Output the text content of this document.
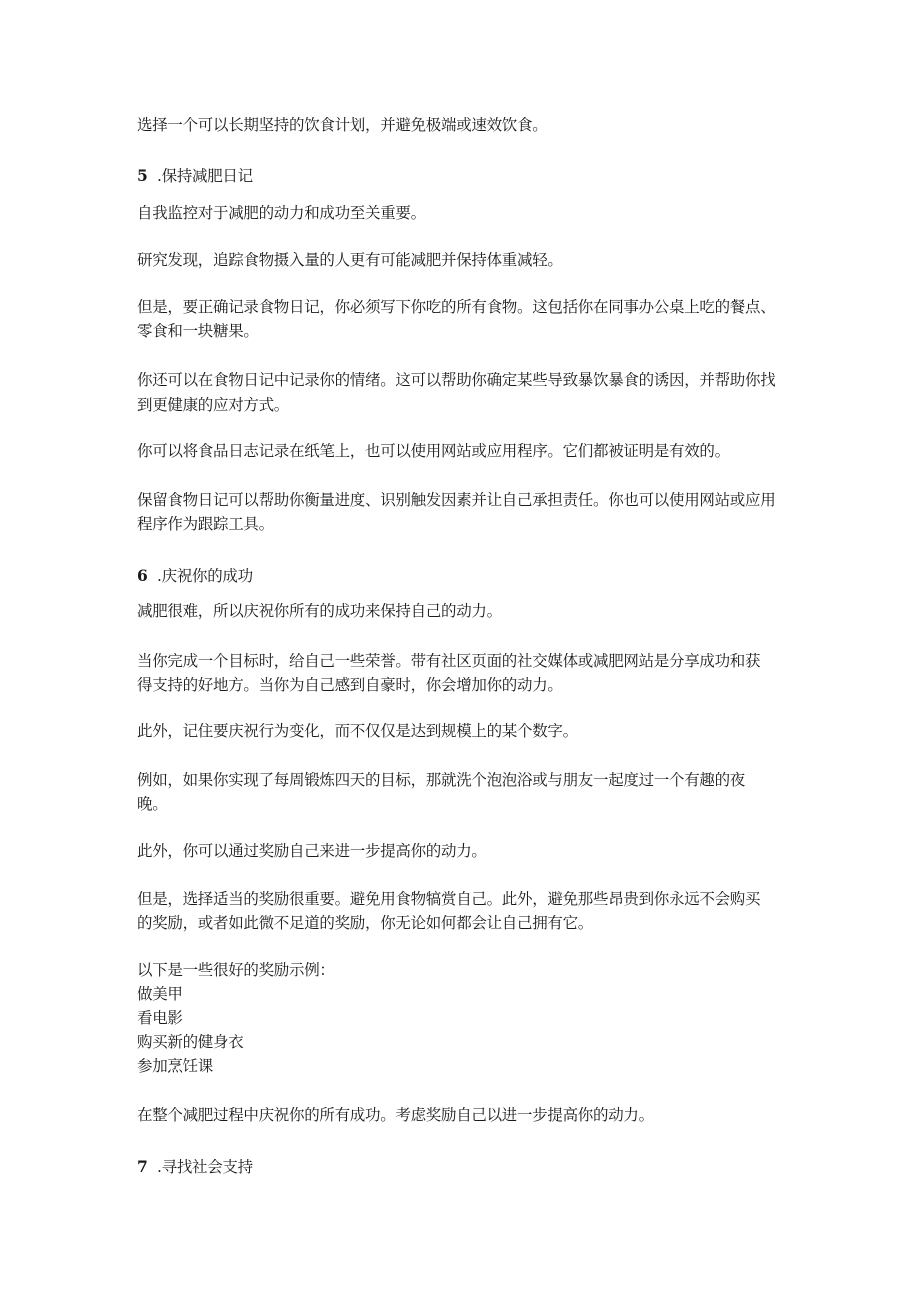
选择一个可以长期坚持的饮食计划，并避免极端或速效饮食。
5 .保持减肥日记
自我监控对于减肥的动力和成功至关重要。
研究发现，追踪食物摄入量的人更有可能减肥并保持体重减轻。
但是，要正确记录食物日记，你必须写下你吃的所有食物。这包括你在同事办公桌上吃的餐点、
零食和一块糖果。
你还可以在食物日记中记录你的情绪。这可以帮助你确定某些导致暴饮暴食的诱因，并帮助你找
到更健康的应对方式。
你可以将食品日志记录在纸笔上，也可以使用网站或应用程序。它们都被证明是有效的。
保留食物日记可以帮助你衡量进度、识别触发因素并让自己承担责任。你也可以使用网站或应用
程序作为跟踪工具。
6 .庆祝你的成功
减肥很难，所以庆祝你所有的成功来保持自己的动力。
当你完成一个目标时，给自己一些荣誉。带有社区页面的社交媒体或减肥网站是分享成功和获
得支持的好地方。当你为自己感到自豪时，你会增加你的动力。
此外，记住要庆祝行为变化，而不仅仅是达到规模上的某个数字。
例如，如果你实现了每周锻炼四天的目标，那就洗个泡泡浴或与朋友一起度过一个有趣的夜
晚。
此外，你可以通过奖励自己来进一步提高你的动力。
但是，选择适当的奖励很重要。避免用食物犒赏自己。此外，避免那些昂贵到你永远不会购买
的奖励，或者如此微不足道的奖励，你无论如何都会让自己拥有它。
以下是一些很好的奖励示例：
做美甲
看电影
购买新的健身衣
参加烹饪课
在整个减肥过程中庆祝你的所有成功。考虑奖励自己以进一步提高你的动力。
7 .寻找社会支持
